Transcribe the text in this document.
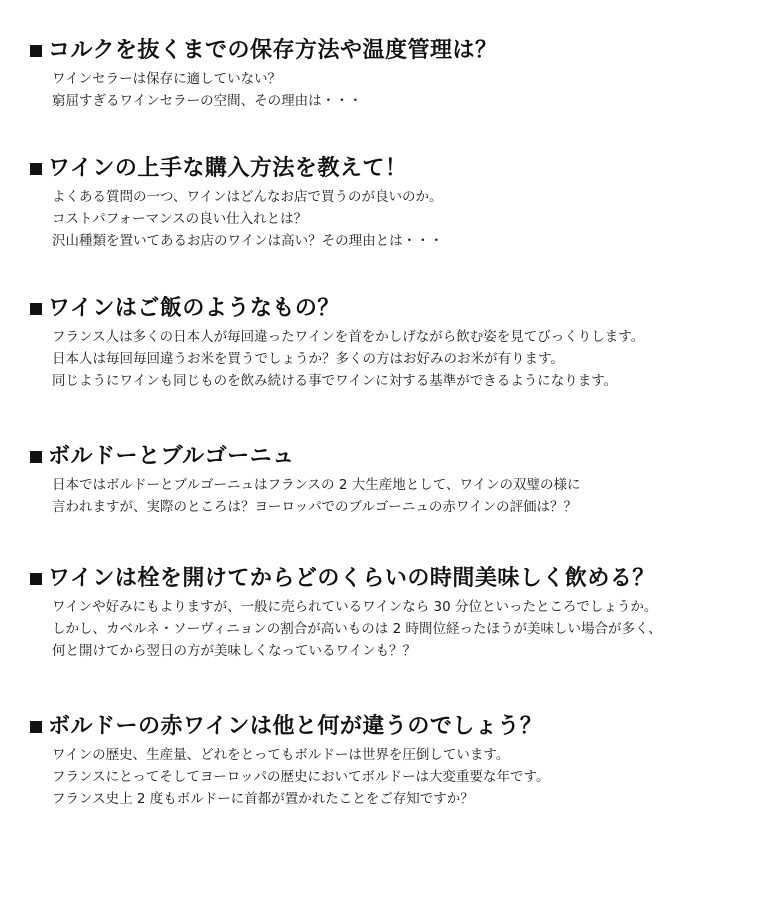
コルクを抜くまでの保存方法や温度管理は？
ワインセラーは保存に適していない？
窮屈すぎるワインセラーの空間、その理由は・・・
ワインの上手な購入方法を教えて！
よくある質問の一つ、ワインはどんなお店で買うのが良いのか。
コストパフォーマンスの良い仕入れとは？
沢山種類を置いてあるお店のワインは高い？その理由とは・・・
ワインはご飯のようなもの？
フランス人は多くの日本人が毎回違ったワインを首をかしげながら飲む姿を見てびっくりします。
日本人は毎回毎回違うお米を買うでしょうか？多くの方はお好みのお米が有ります。
同じようにワインも同じものを飲み続ける事でワインに対する基準ができるようになります。
ボルドーとブルゴーニュ
日本ではボルドーとブルゴーニュはフランスの 2 大生産地として、ワインの双璧の様に
言われますが、実際のところは？ヨーロッパでのブルゴーニュの赤ワインの評価は？？
ワインは栓を開けてからどのくらいの時間美味しく飲める？
ワインや好みにもよりますが、一般に売られているワインなら 30 分位といったところでしょうか。
しかし、カベルネ・ソーヴィニョンの割合が高いものは 2 時間位経ったほうが美味しい場合が多く、
何と開けてから翌日の方が美味しくなっているワインも？？
ボルドーの赤ワインは他と何が違うのでしょう？
ワインの歴史、生産量、どれをとってもボルドーは世界を圧倒しています。
フランスにとってそしてヨーロッパの歴史においてボルドーは大変重要な年です。
フランス史上 2 度もボルドーに首都が置かれたことをご存知ですか？
